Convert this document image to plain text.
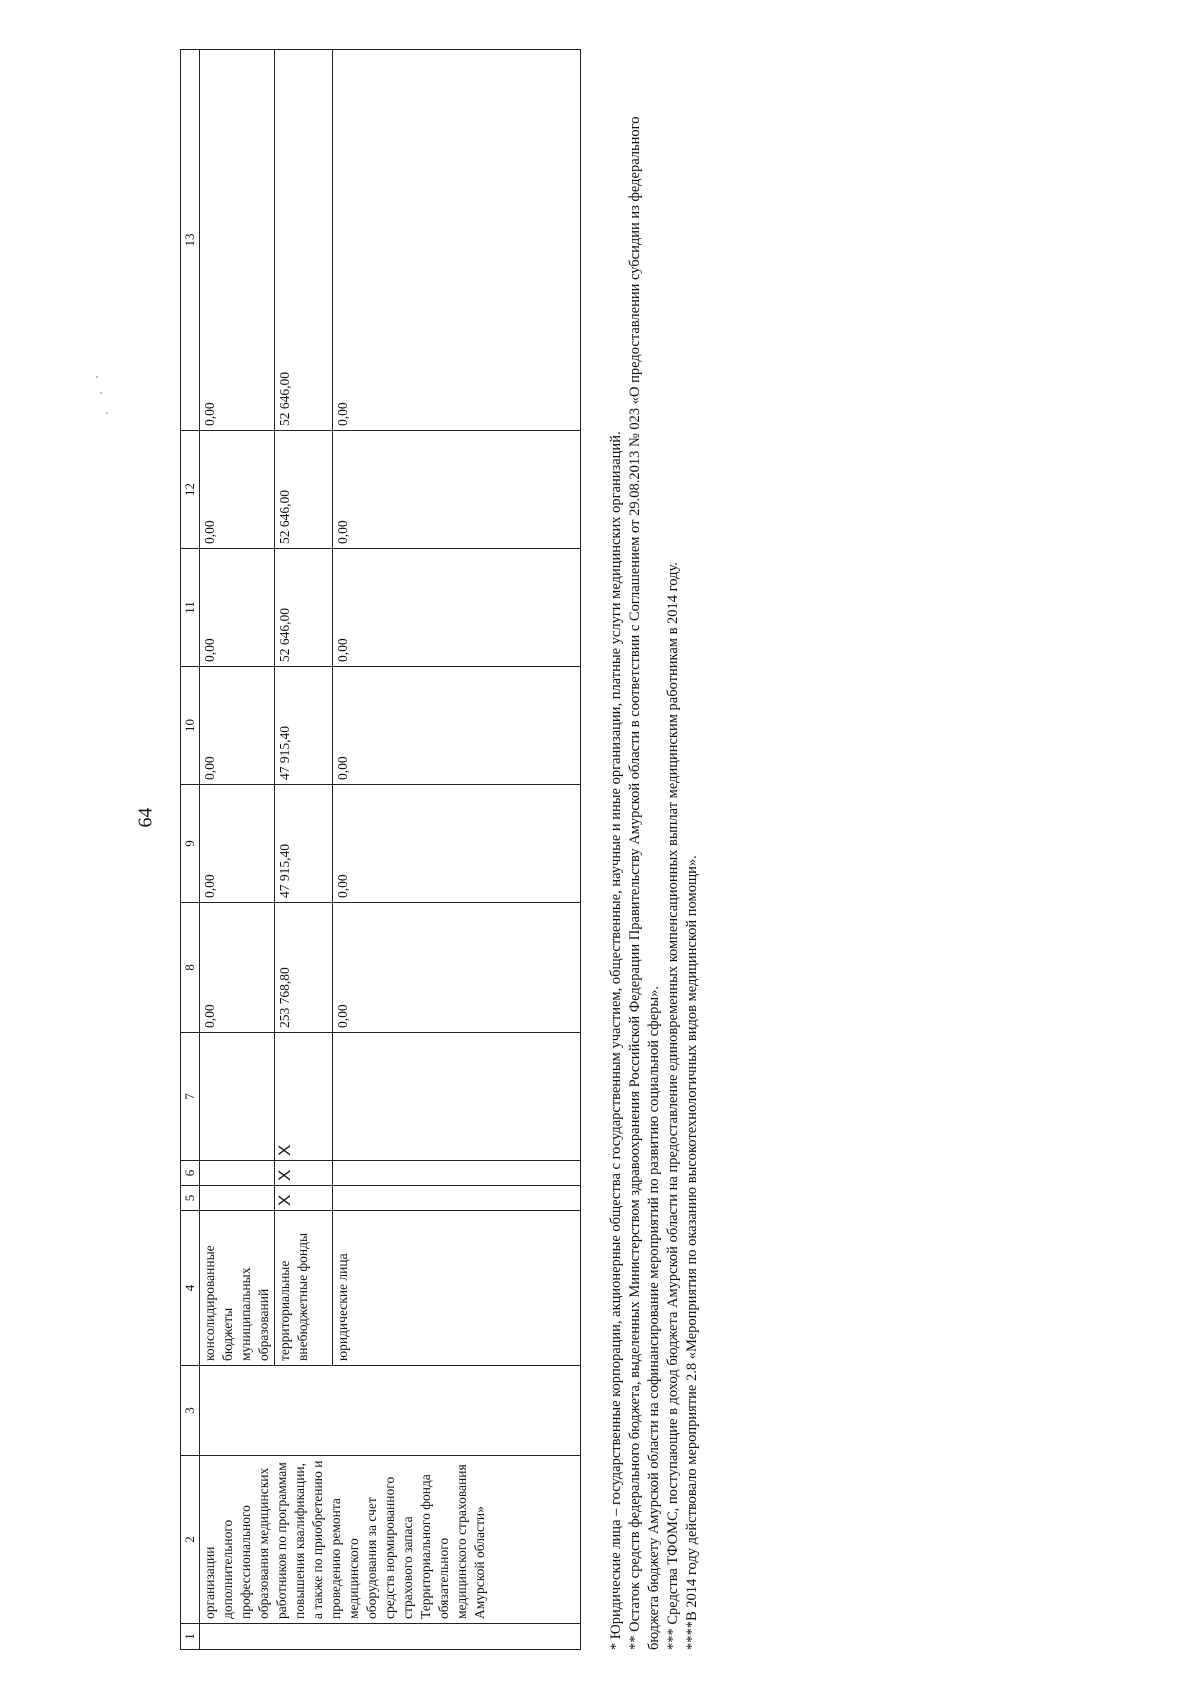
64
1	2	3	4	5	6	7	8	9	10	11	12	13
	организации дополнительного профессионального образования медицинских работников по программам повышения квалификации, а также по приобретению и проведению ремонта медицинского оборудования за счет средств нормированного страхового запаса Территориального фонда обязательного медицинского страхования Амурской области»		консолидированные бюджеты муниципальных образований				0,00	0,00	0,00	0,00	0,00	0,00
			территориальные внебюджетные фонды	Х	Х	Х	253 768,80	47 915,40	47 915,40	52 646,00	52 646,00	52 646,00
			юридические лица				0,00	0,00	0,00	0,00	0,00	0,00

* Юридические лица – государственные корпорации, акционерные общества с государственным участием, общественные, научные и иные организации, платные услуги медицинских организаций. ** Остаток средств федерального бюджета, выделенных Министерством здравоохранения Российской Федерации Правительству Амурской области в соответствии с Соглашением от 29.08.2013 № 023 «О предоставлении субсидии из федерального бюджета бюджету Амурской области на софинансирование мероприятий по развитию социальной сферы». *** Средства ТФОМС, поступающие в доход бюджета Амурской области на предоставление единовременных компенсационных выплат медицинским работникам в 2014 году. ****В 2014 году действовало мероприятие 2.8 «Мероприятия по оказанию высокотехнологичных видов медицинской помощи».
